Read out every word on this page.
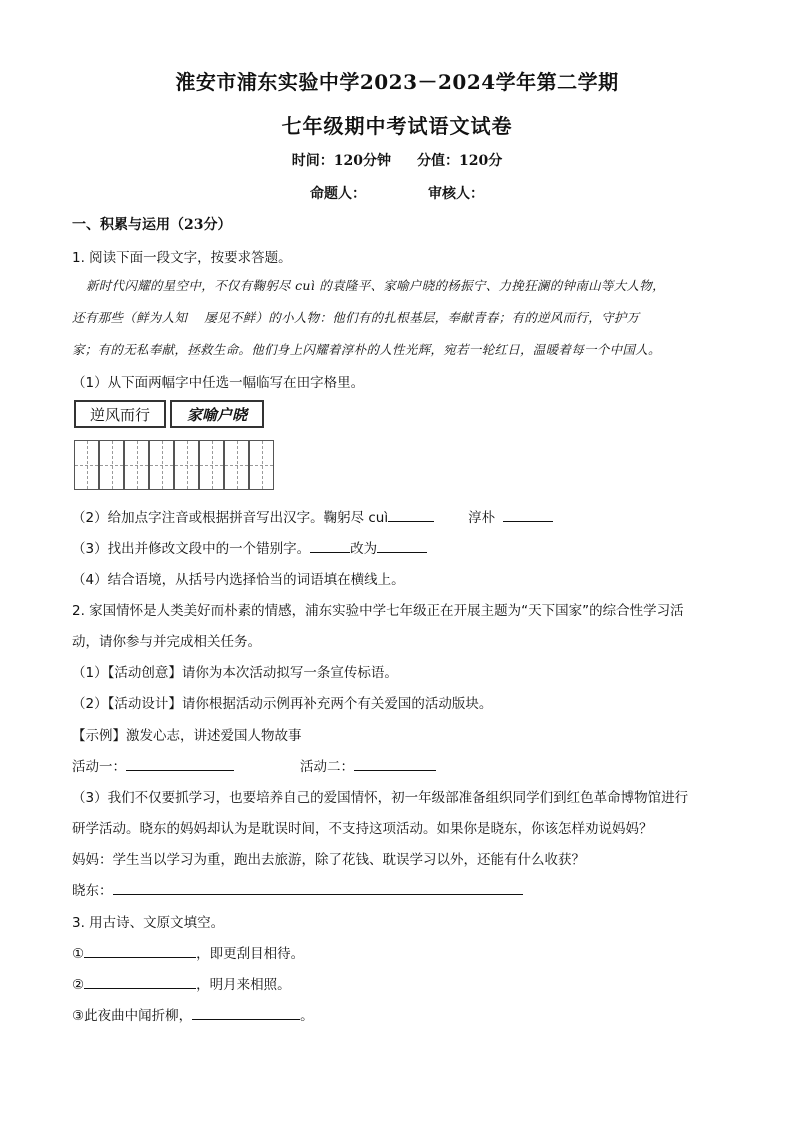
淮安市浦东实验中学2023－2024学年第二学期
七年级期中考试语文试卷
时间：120分钟 分值：120分
命题人：	审核人：
一、积累与运用（23分）
1. 阅读下面一段文字，按要求答题。
新时代闪耀的星空中，不仅有鞠躬尽 cuì 的袁隆平、家喻户晓的杨振宁、力挽狂澜的钟南山等大人物，
还有那些（鲜为人知　 屡见不鲜）的小人物：他们有的扎根基层，奉献青春；有的逆风而行，守护万
家；有的无私奉献，拯救生命。他们身上闪耀着淳朴的人性光辉，宛若一轮红日，温暖着每一个中国人。
（1）从下面两幅字中任选一幅临写在田字格里。
逆风而行	家喻户晓
（2）给加点字注音或根据拼音写出汉字。鞠躬尽 cuì	淳朴
（3）找出并修改文段中的一个错别字。	改为
（4）结合语境，从括号内选择恰当的词语填在横线上。
2. 家国情怀是人类美好而朴素的情感，浦东实验中学七年级正在开展主题为“天下国家”的综合性学习活
动，请你参与并完成相关任务。
（1）【活动创意】请你为本次活动拟写一条宣传标语。
（2）【活动设计】请你根据活动示例再补充两个有关爱国的活动版块。
【示例】激发心志，讲述爱国人物故事
活动一：	活动二：
（3）我们不仅要抓学习，也要培养自己的爱国情怀，初一年级部准备组织同学们到红色革命博物馆进行
研学活动。晓东的妈妈却认为是耽误时间，不支持这项活动。如果你是晓东，你该怎样劝说妈妈？
妈妈：学生当以学习为重，跑出去旅游，除了花钱、耽误学习以外，还能有什么收获？
晓东：
3. 用古诗、文原文填空。
①	，即更刮目相待。
②	，明月来相照。
③此夜曲中闻折柳，	。
